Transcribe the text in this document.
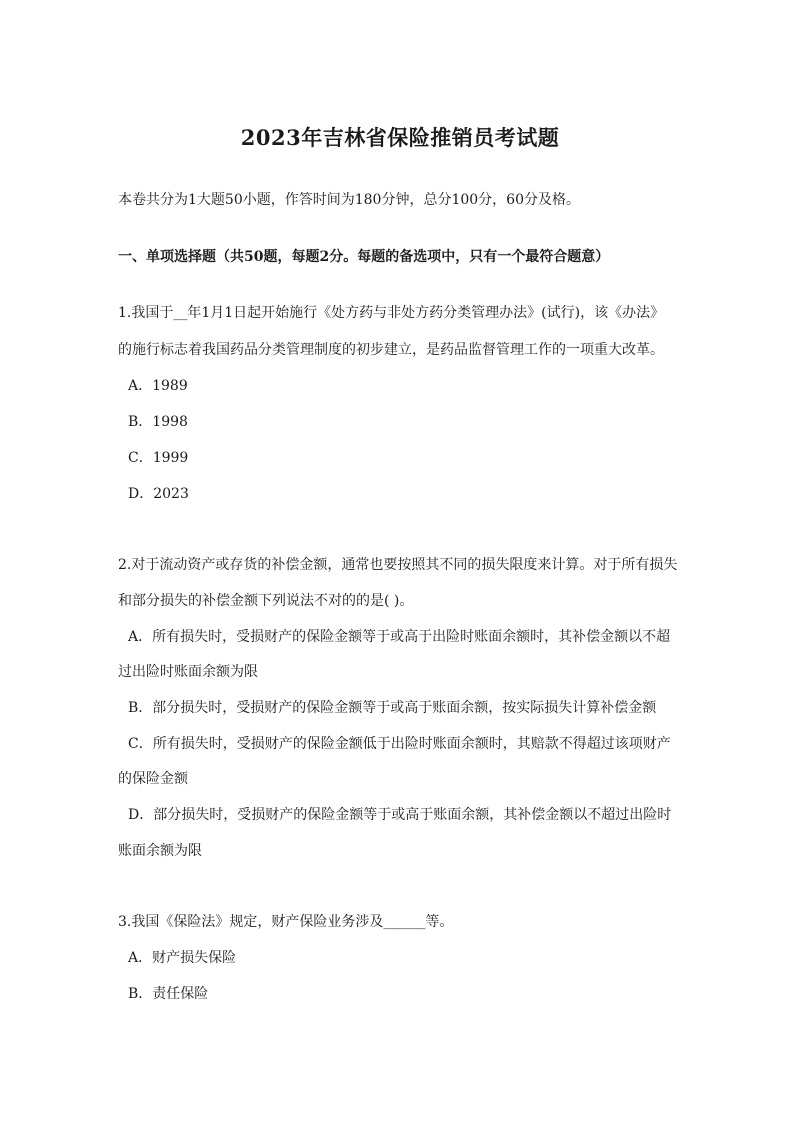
2023年吉林省保险推销员考试题
本卷共分为1大题50小题，作答时间为180分钟，总分100分，60分及格。
一、单项选择题（共50题，每题2分。每题的备选项中，只有一个最符合题意）
1.我国于__年1月1日起开始施行《处方药与非处方药分类管理办法》(试行)，该《办法》
的施行标志着我国药品分类管理制度的初步建立，是药品监督管理工作的一项重大改革。
A．1989
B．1998
C．1999
D．2023
2.对于流动资产或存货的补偿金额，通常也要按照其不同的损失限度来计算。对于所有损失
和部分损失的补偿金额下列说法不对的的是( )。
A．所有损失时，受损财产的保险金额等于或高于出险时账面余额时，其补偿金额以不超
过出险时账面余额为限
B．部分损失时，受损财产的保险金额等于或高于账面余额，按实际损失计算补偿金额
C．所有损失时，受损财产的保险金额低于出险时账面余额时，其赔款不得超过该项财产
的保险金额
D．部分损失时，受损财产的保险金额等于或高于账面余额，其补偿金额以不超过出险时
账面余额为限
3.我国《保险法》规定，财产保险业务涉及______等。
A．财产损失保险
B．责任保险
